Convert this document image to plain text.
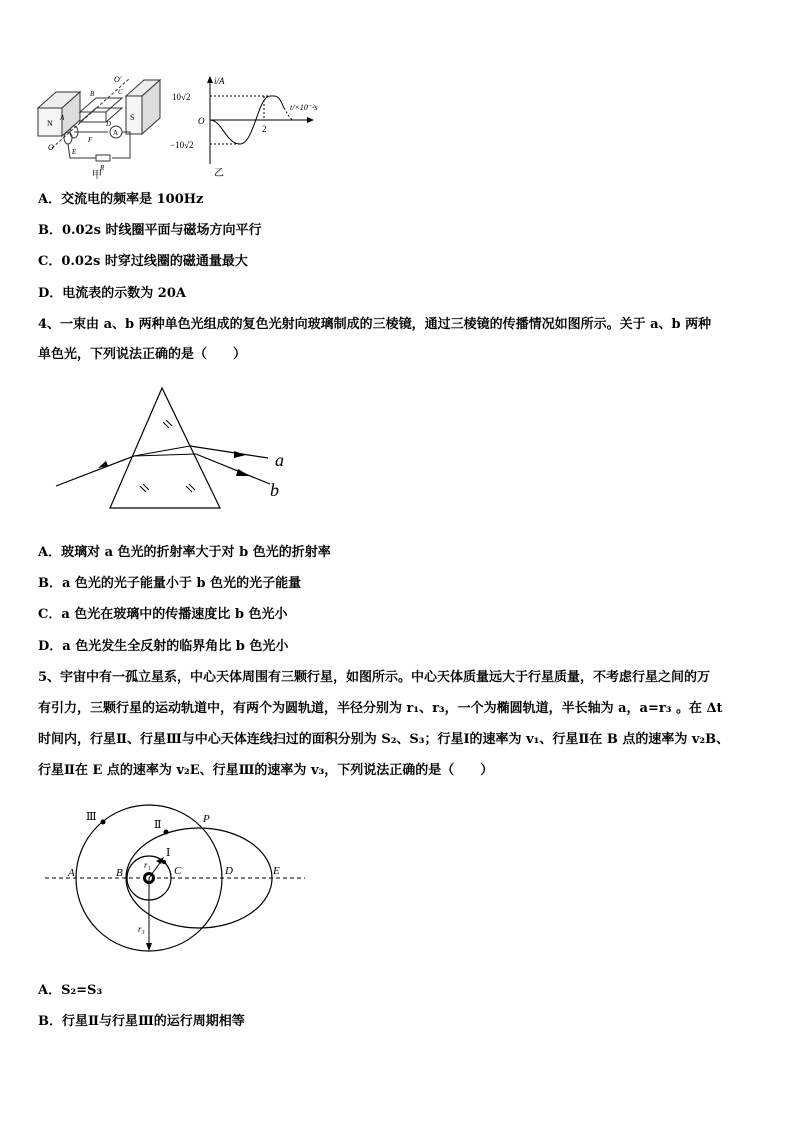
N
S
O'
O
A
B	C
D
E
F
R
A
甲
i/A
t/×10⁻²s
10√2
−10√2
O
2
乙
A．交流电的频率是 100Hz
B．0.02s 时线圈平面与磁场方向平行
C．0.02s 时穿过线圈的磁通量最大
D．电流表的示数为 20A
4、一束由 a、b 两种单色光组成的复色光射向玻璃制成的三棱镜，通过三棱镜的传播情况如图所示。关于 a、b 两种
单色光，下列说法正确的是（　　）
a
b
A．玻璃对 a 色光的折射率大于对 b 色光的折射率
B．a 色光的光子能量小于 b 色光的光子能量
C．a 色光在玻璃中的传播速度比 b 色光小
D．a 色光发生全反射的临界角比 b 色光小
5、宇宙中有一孤立星系，中心天体周围有三颗行星，如图所示。中心天体质量远大于行星质量，不考虑行星之间的万
有引力，三颗行星的运动轨道中，有两个为圆轨道，半径分别为 r₁、r₃，一个为椭圆轨道，半长轴为 a，a=r₃ 。在 Δt
时间内，行星Ⅱ、行星Ⅲ与中心天体连线扫过的面积分别为 S₂、S₃；行星Ⅰ的速率为 v₁、行星Ⅱ在 B 点的速率为 v₂B、
行星Ⅱ在 E 点的速率为 v₂E、行星Ⅲ的速率为 v₃，下列说法正确的是（　　）
Ⅲ
Ⅱ
Ⅰ
P
A	B	C	D	E
r₁
r₃
A．S₂=S₃
B．行星Ⅱ与行星Ⅲ的运行周期相等
